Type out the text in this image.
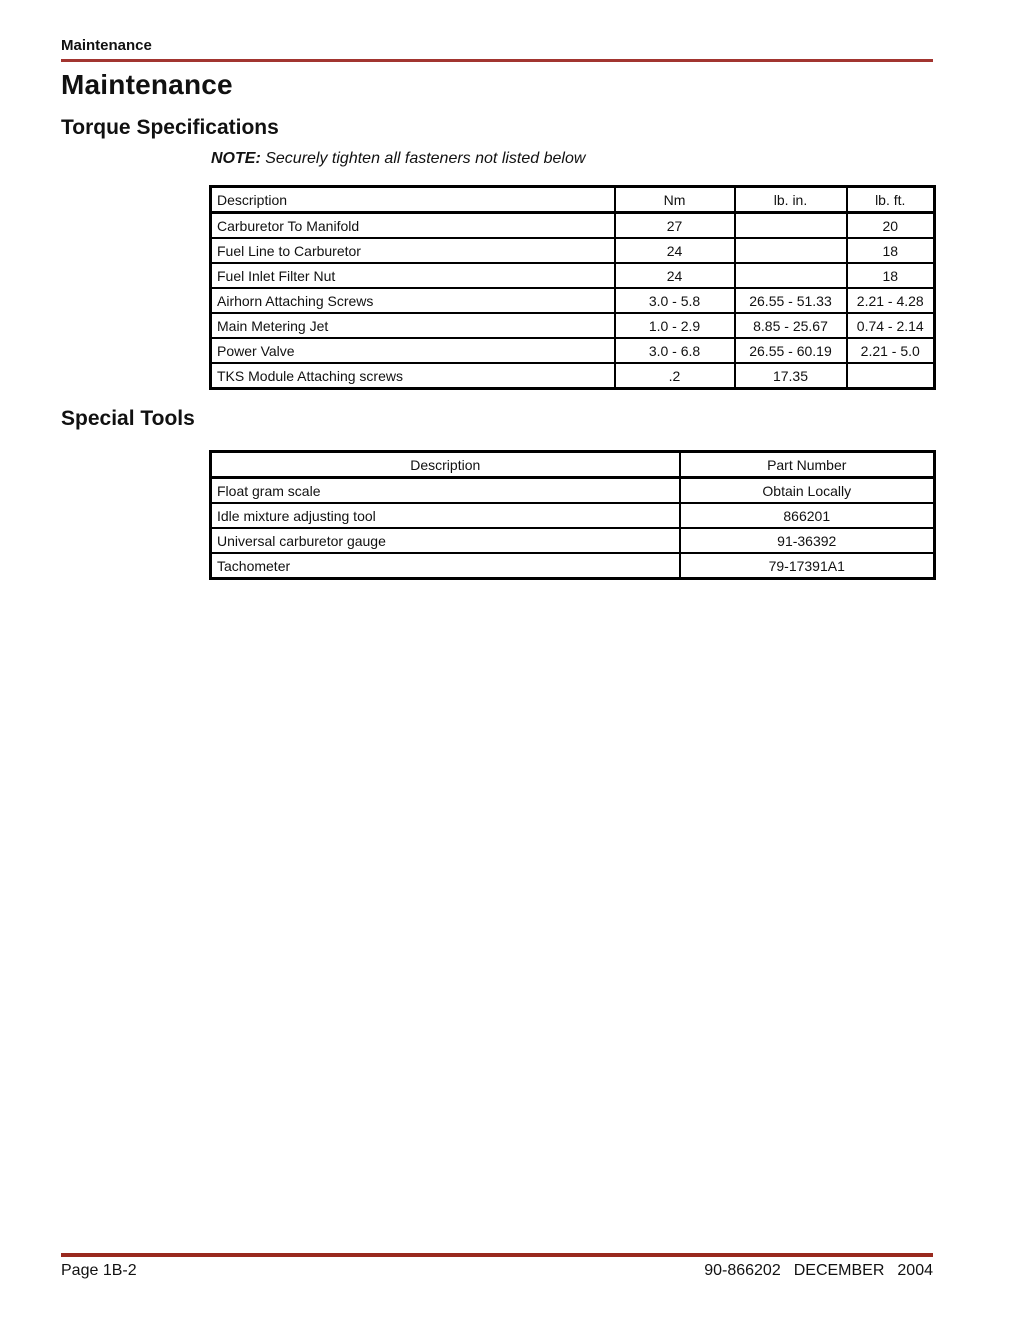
Maintenance
Maintenance
Torque Specifications
NOTE: Securely tighten all fasteners not listed below
Description	Nm	lb. in.	lb. ft.
Carburetor To Manifold	27		20
Fuel Line to Carburetor	24		18
Fuel Inlet Filter Nut	24		18
Airhorn Attaching Screws	3.0 - 5.8	26.55 - 51.33	2.21 - 4.28
Main Metering Jet	1.0 - 2.9	8.85 - 25.67	0.74 - 2.14
Power Valve	3.0 - 6.8	26.55 - 60.19	2.21 - 5.0
TKS Module Attaching screws	.2	17.35	
Special Tools
Description	Part Number
Float gram scale	Obtain Locally
Idle mixture adjusting tool	866201
Universal carburetor gauge	91-36392
Tachometer	79-17391A1
Page 1B-2	90-866202 DECEMBER 2004
